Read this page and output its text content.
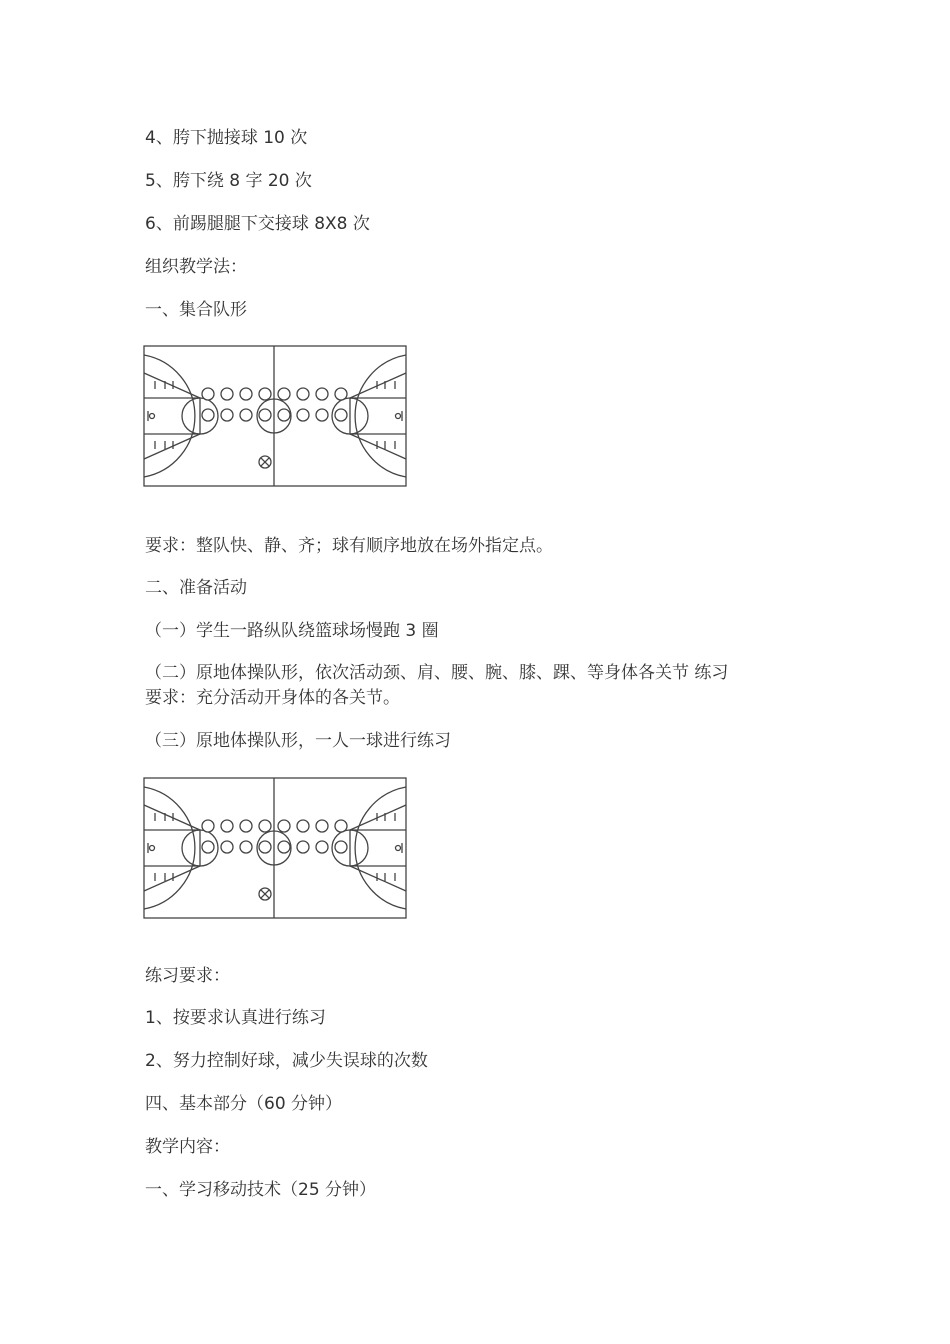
4、胯下抛接球 10 次
5、胯下绕 8 字 20 次
6、前踢腿腿下交接球 8X8 次
组织教学法：
一、集合队形
要求：整队快、静、齐；球有顺序地放在场外指定点。
二、准备活动
（一）学生一路纵队绕篮球场慢跑 3 圈
（二）原地体操队形，依次活动颈、肩、腰、腕、膝、踝、等身体各关节 练习
要求：充分活动开身体的各关节。
（三）原地体操队形，一人一球进行练习
练习要求：
1、按要求认真进行练习
2、努力控制好球，减少失误球的次数
四、基本部分（60 分钟）
教学内容：
一、学习移动技术（25 分钟）
